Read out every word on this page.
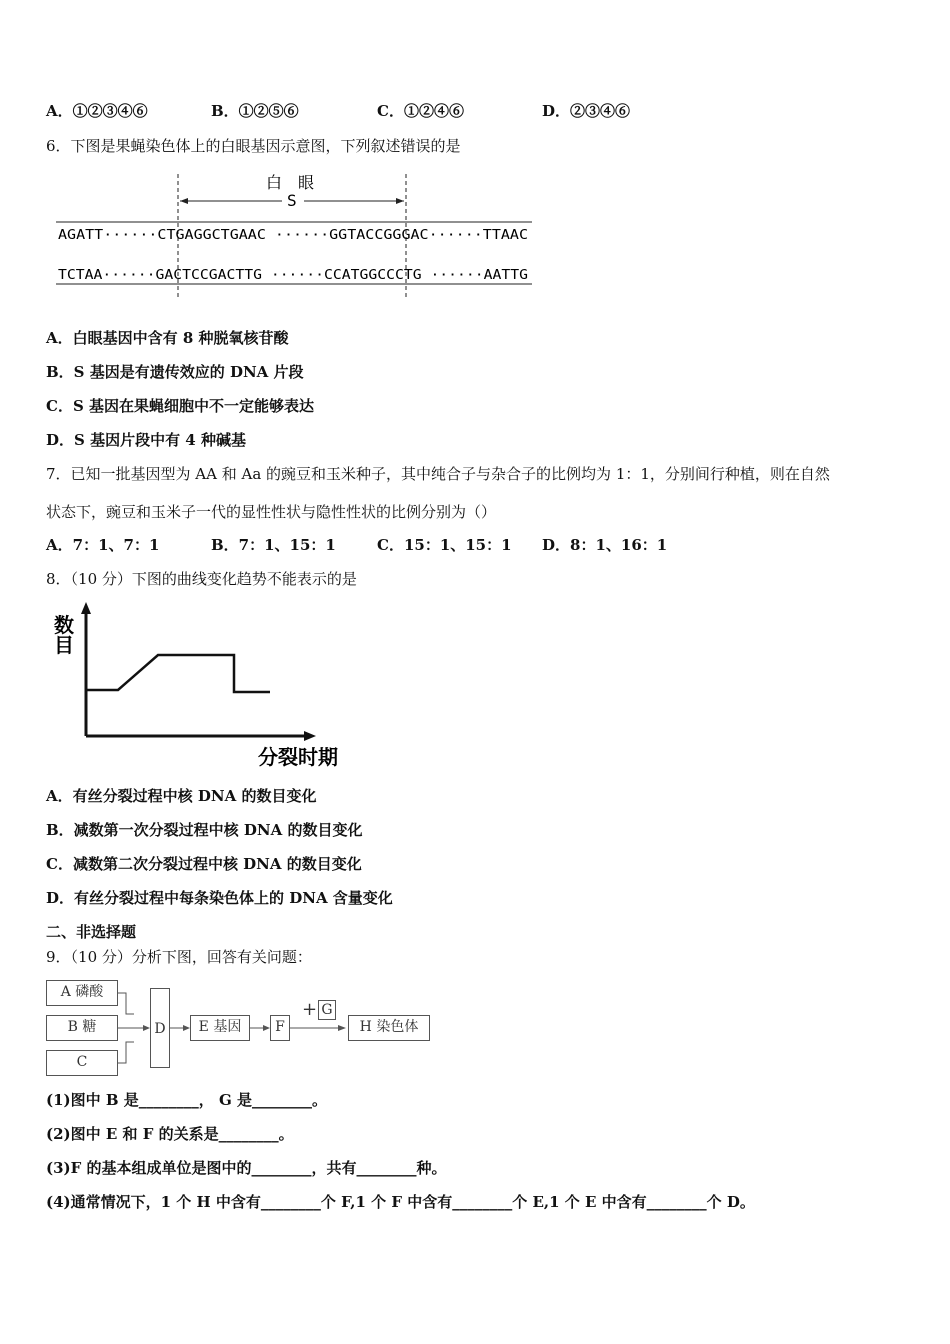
A．①②③④⑥	B．①②⑤⑥	C．①②④⑥	D．②③④⑥
6．下图是果蝇染色体上的白眼基因示意图，下列叙述错误的是
白　眼
S
AGATT······CTGAGGCTGAAC ······GGTACCGGGAC······TTAAC
TCTAA······GACTCCGACTTG ······CCATGGCCCTG ······AATTG
A．白眼基因中含有 8 种脱氧核苷酸
B．S 基因是有遗传效应的 DNA 片段
C．S 基因在果蝇细胞中不一定能够表达
D．S 基因片段中有 4 种碱基
7．已知一批基因型为 AA 和 Aa 的豌豆和玉米种子，其中纯合子与杂合子的比例均为 1：1，分别间行种植，则在自然
状态下，豌豆和玉米子一代的显性性状与隐性性状的比例分别为（）
A．7：1、7：1	B．7：1、15：1	C．15：1、15：1 D．8：1、16：1
8．（10 分）下图的曲线变化趋势不能表示的是
数
目
分裂时期
A．有丝分裂过程中核 DNA 的数目变化
B．减数第一次分裂过程中核 DNA 的数目变化
C．减数第二次分裂过程中核 DNA 的数目变化
D．有丝分裂过程中每条染色体上的 DNA 含量变化
二、非选择题
9．（10 分）分析下图，回答有关问题：
A 磷酸
B 糖
C
D	E 基因	F
+ G
H 染色体
(1)图中 B 是________， G 是________。
(2)图中 E 和 F 的关系是________。
(3)F 的基本组成单位是图中的________，共有________种。
(4)通常情况下，1 个 H 中含有________个 F,1 个 F 中含有________个 E,1 个 E 中含有________个 D。
